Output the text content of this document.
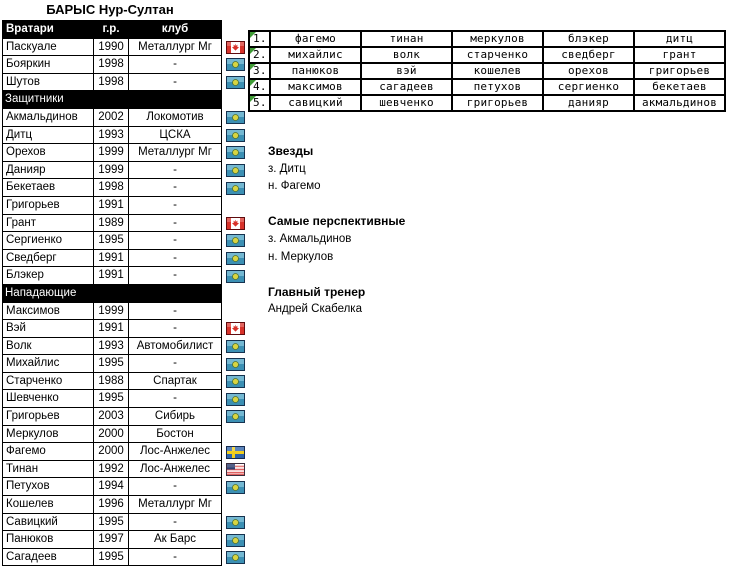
БАРЫС Нур-Султан
Вратари	г.р.	клуб	
Паскуале	1990	Металлург Мг	

Бояркин	1998	-	

Шутов	1998	-	

Защитники			
Акмальдинов	2002	Локомотив	

Дитц	1993	ЦСКА	

Орехов	1999	Металлург Мг	

Данияр	1999	-	

Бекетаев	1998	-	

Григорьев	1991	-	
Грант	1989	-	

Сергиенко	1995	-	

Сведберг	1991	-	

Блэкер	1991	-	

Нападающие			
Максимов	1999	-	
Вэй	1991	-	

Волк	1993	Автомобилист	

Михайлис	1995	-	

Старченко	1988	Спартак	

Шевченко	1995	-	

Григорьев	2003	Сибирь	

Меркулов	2000	Бостон	
Фагемо	2000	Лос-Анжелес	

Тинан	1992	Лос-Анжелес	

Петухов	1994	-	

Кошелев	1996	Металлург Мг	
Савицкий	1995	-	

Панюков	1997	Ак Барс	

Сагадеев	1995	-	
1.	фагемо	тинан	меркулов	блэкер	дитц

2.	михайлис	волк	старченко	сведберг	грант

3.	панюков	вэй	кошелев	орехов	григорьев

4.	максимов	сагадеев	петухов	сергиенко	бекетаев

5.	савицкий	шевченко	григорьев	данияр	акмальдинов
Звезды
з. Дитц
н. Фагемо
Самые перспективные
з. Акмальдинов
н. Меркулов
Главный тренер
Андрей Скабелка
